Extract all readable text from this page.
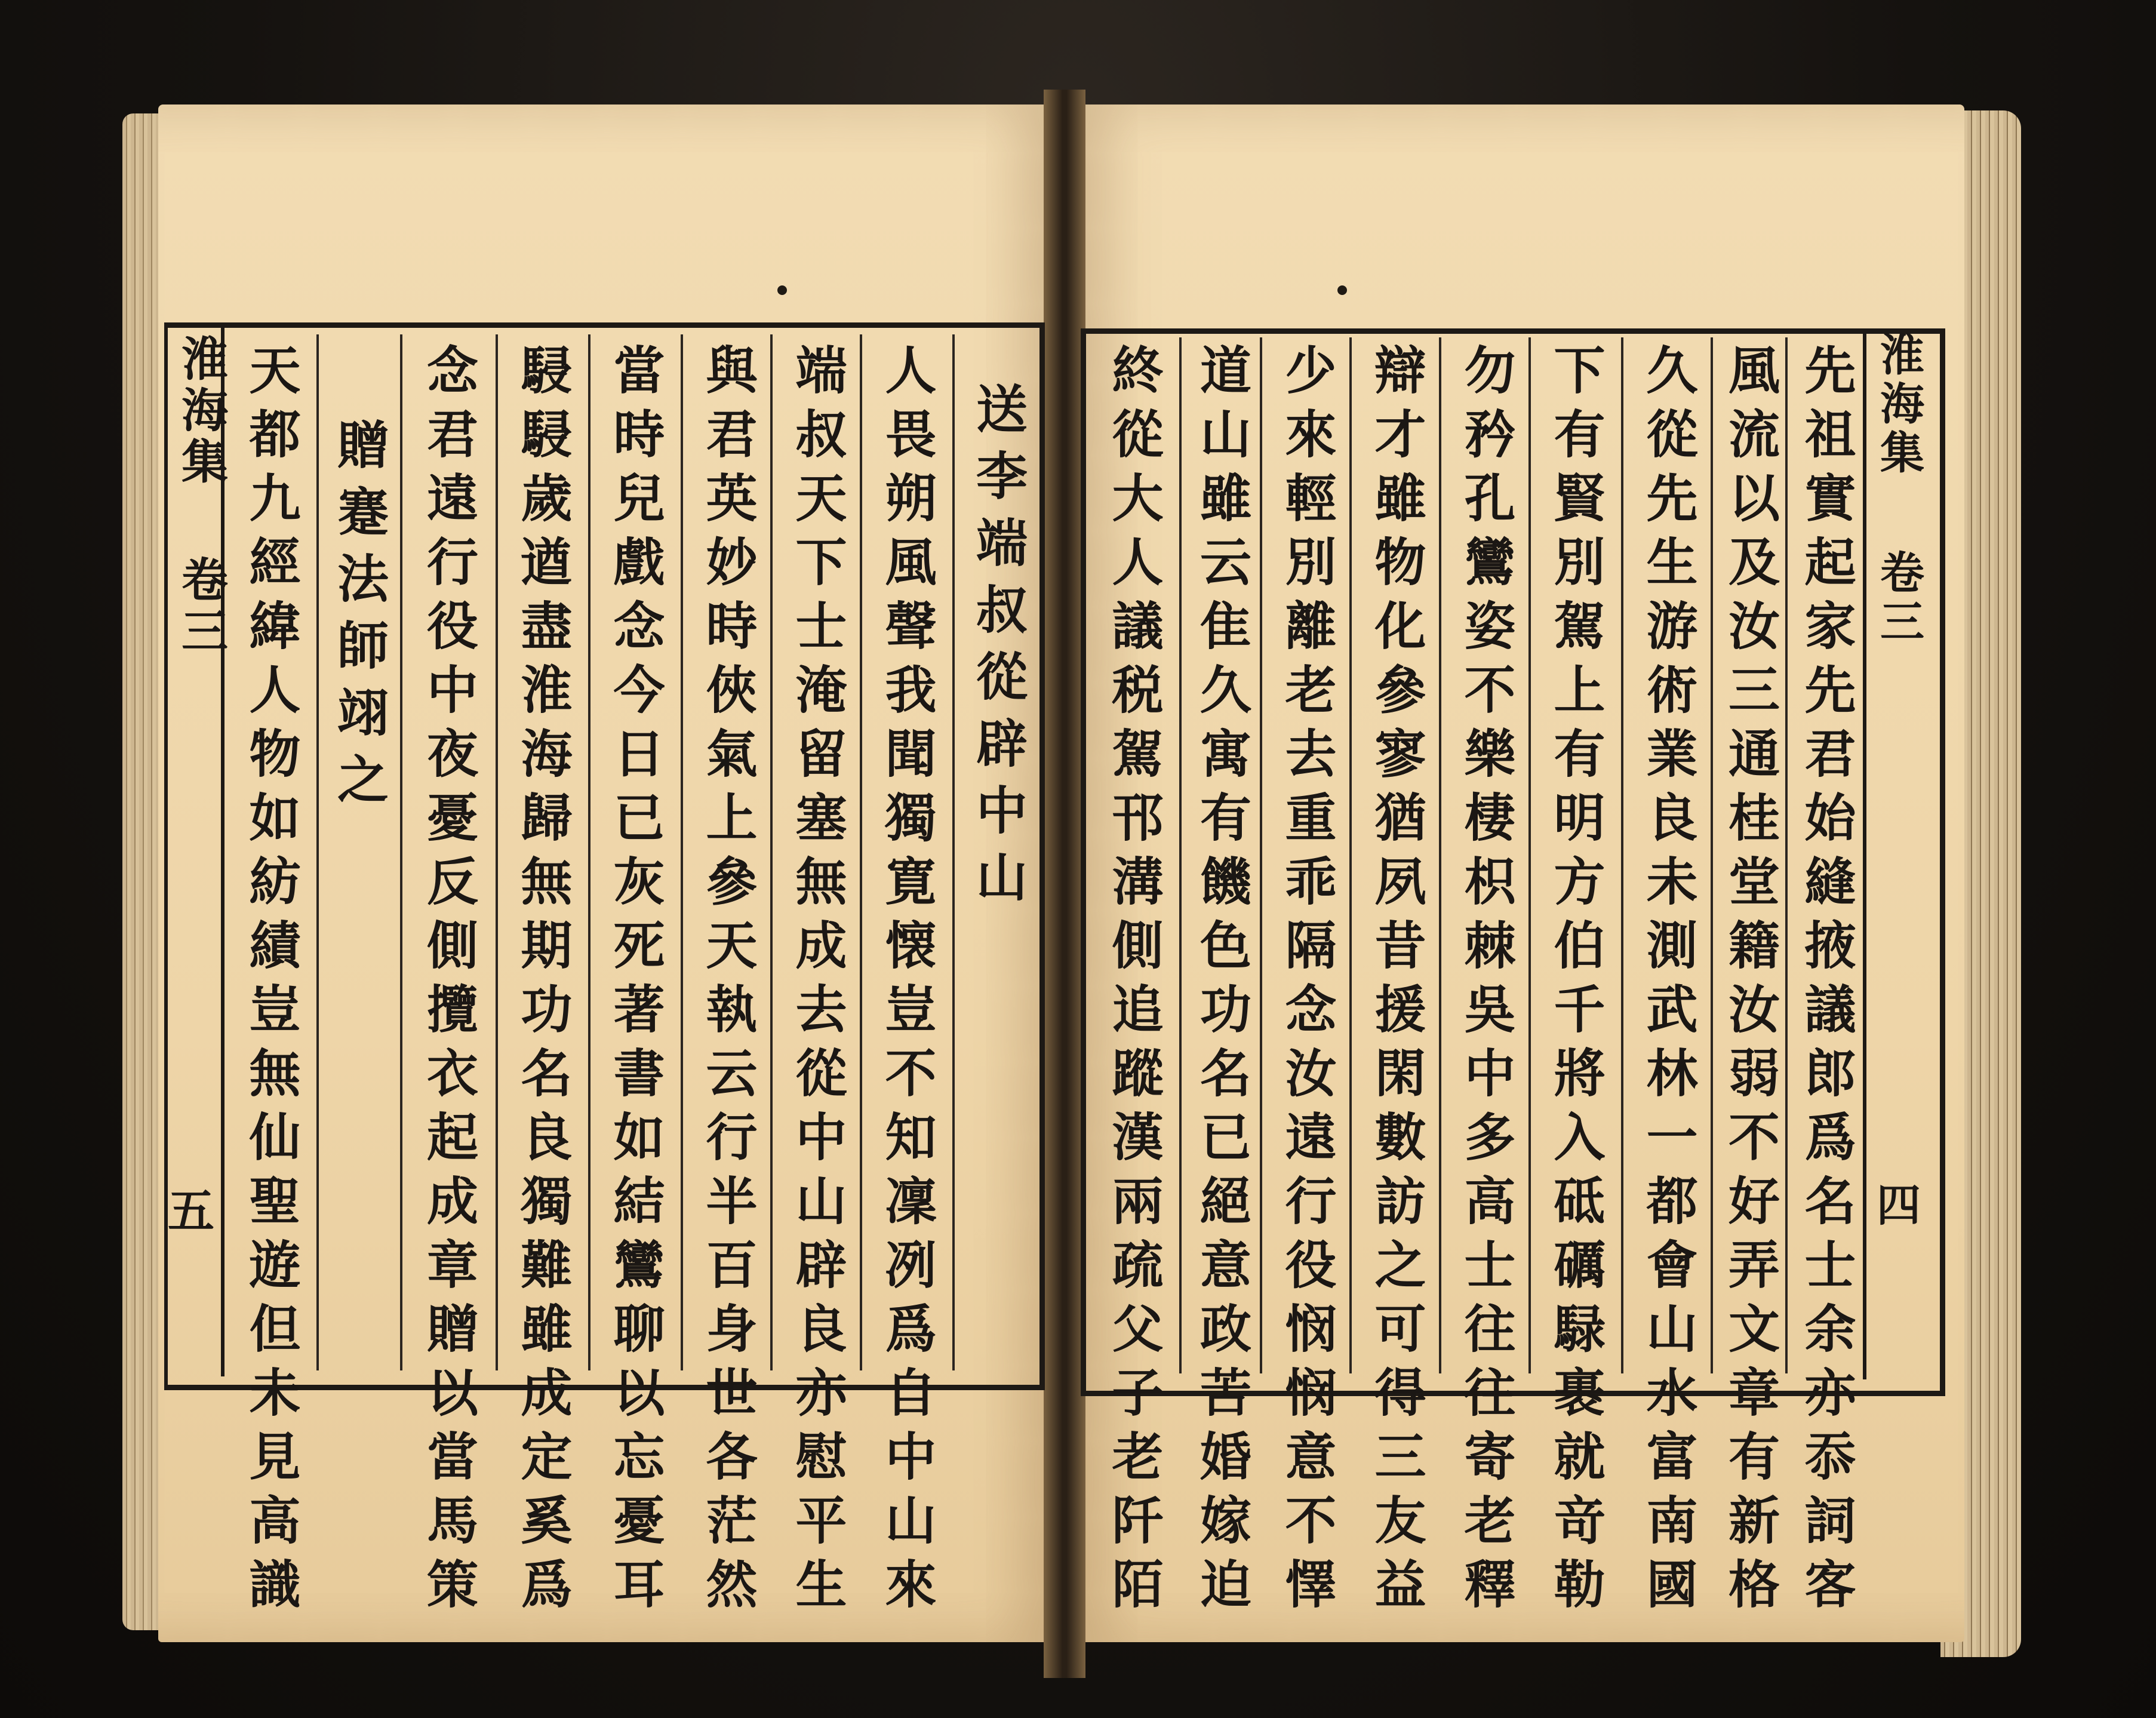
淮海集
卷三
五
送李端叔從辟中山
人畏朔風聲我聞獨寛懐豈不知凜冽爲自中山來
端叔天下士淹留塞無成去從中山辟良亦慰平生
與君英妙時俠氣上參天執云行半百身世各茫然
當時兒戲念今日已灰死著書如結鸞聊以忘憂耳
駸駸歲遒盡淮海歸無期功名良獨難雖成定奚爲
念君遠行役中夜憂反側攬衣起成章贈以當馬策
贈蹇法師翊之
天都九經緯人物如紡績豈無仙聖遊但未見高識	先祖實起家先君始縫掖議郎爲名士余亦忝詞客
風流以及汝三通桂堂籍汝弱不好弄文章有新格
久從先生游術業良未測武林一都會山水富南國
下有賢別駕上有明方伯千將入砥礪騄裹就竒勒
勿矜孔鸞姿不樂棲枳棘吳中多高士往往寄老釋
辯才雖物化參寥猶夙昔援閑數訪之可得三友益
少來輕別離老去重乖隔念汝遠行役悯悯意不懌
道山雖云隹久寓有饑色功名已絕意政苦婚嫁迫
終從大人議税駕邗溝側追蹤漢兩疏父子老阡陌	淮海集
卷三
四
